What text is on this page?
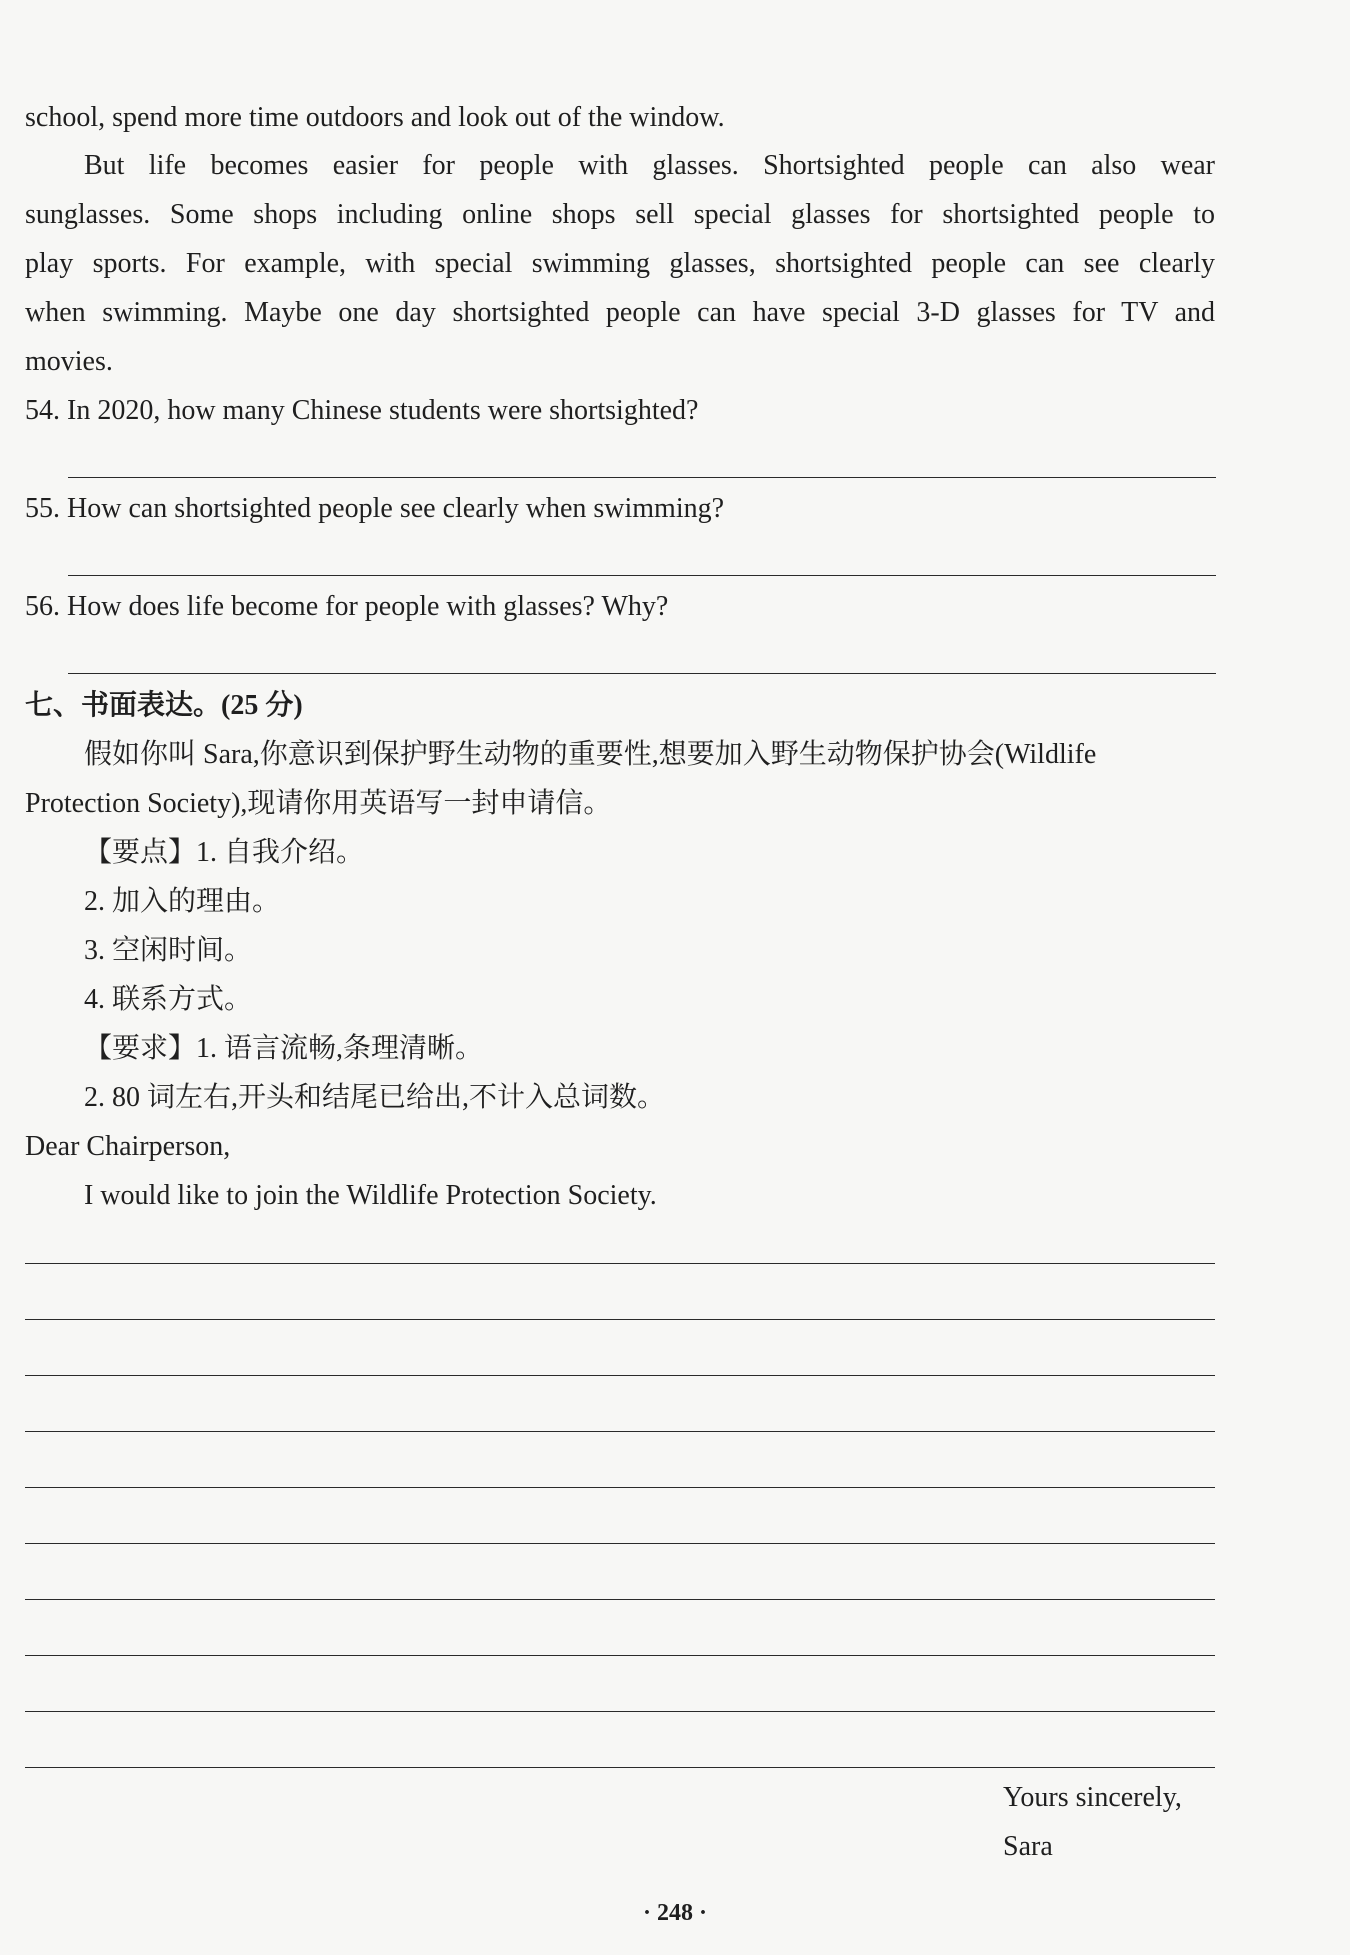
school, spend more time outdoors and look out of the window.
But life becomes easier for people with glasses. Shortsighted people can also wear
sunglasses. Some shops including online shops sell special glasses for shortsighted people to
play sports. For example, with special swimming glasses, shortsighted people can see clearly
when swimming. Maybe one day shortsighted people can have special 3-D glasses for TV and
movies.
54. In 2020, how many Chinese students were shortsighted?
55. How can shortsighted people see clearly when swimming?
56. How does life become for people with glasses? Why?
七、书面表达。(25 分)
假如你叫 Sara,你意识到保护野生动物的重要性,想要加入野生动物保护协会(Wildlife
Protection Society),现请你用英语写一封申请信。
【要点】1. 自我介绍。
2. 加入的理由。
3. 空闲时间。
4. 联系方式。
【要求】1. 语言流畅,条理清晰。
2. 80 词左右,开头和结尾已给出,不计入总词数。
Dear Chairperson,
I would like to join the Wildlife Protection Society.
Yours sincerely,
Sara
· 248 ·
